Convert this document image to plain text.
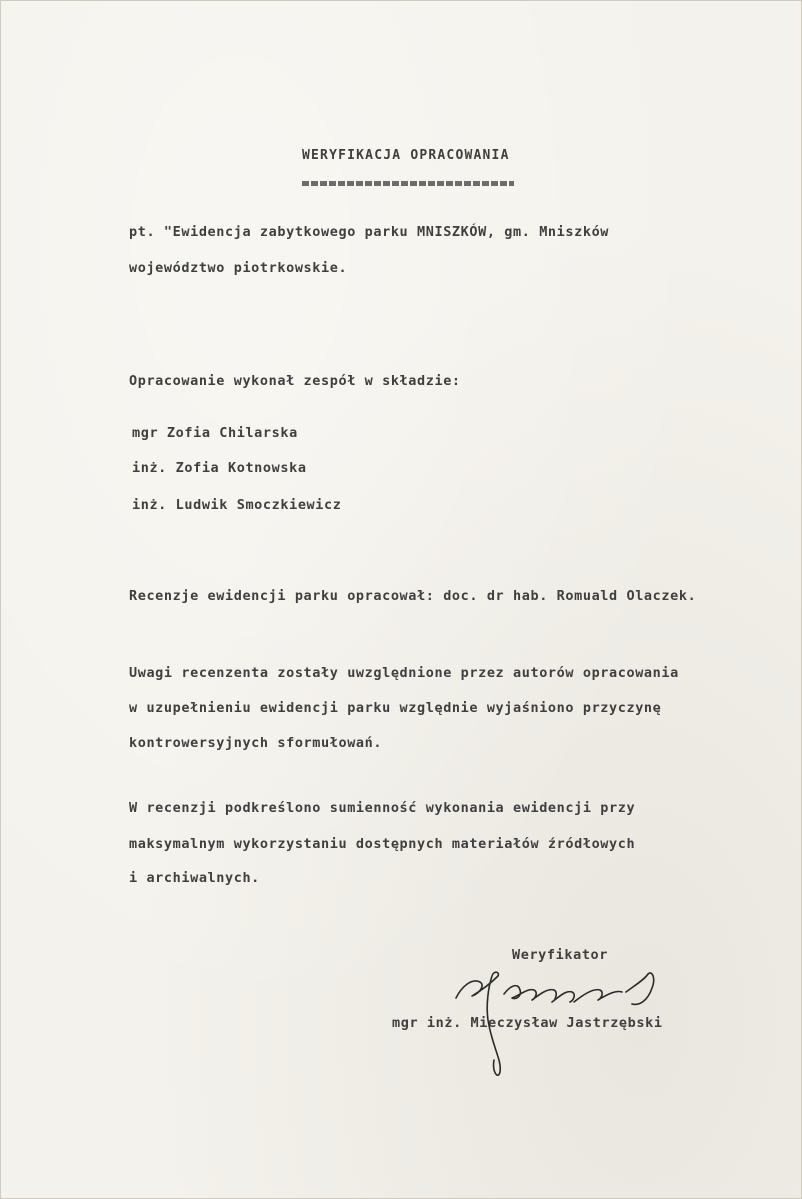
WERYFIKACJA OPRACOWANIA
pt. "Ewidencja zabytkowego parku MNISZKÓW, gm. Mniszków
województwo piotrkowskie.
Opracowanie wykonał zespół w składzie:
mgr Zofia Chilarska
inż. Zofia Kotnowska
inż. Ludwik Smoczkiewicz
Recenzje ewidencji parku opracował: doc. dr hab. Romuald Olaczek.
Uwagi recenzenta zostały uwzględnione przez autorów opracowania
w uzupełnieniu ewidencji parku względnie wyjaśniono przyczynę
kontrowersyjnych sformułowań.
W recenzji podkreślono sumienność wykonania ewidencji przy
maksymalnym wykorzystaniu dostępnych materiałów źródłowych
i archiwalnych.
Weryfikator
mgr inż. Mieczysław Jastrzębski
